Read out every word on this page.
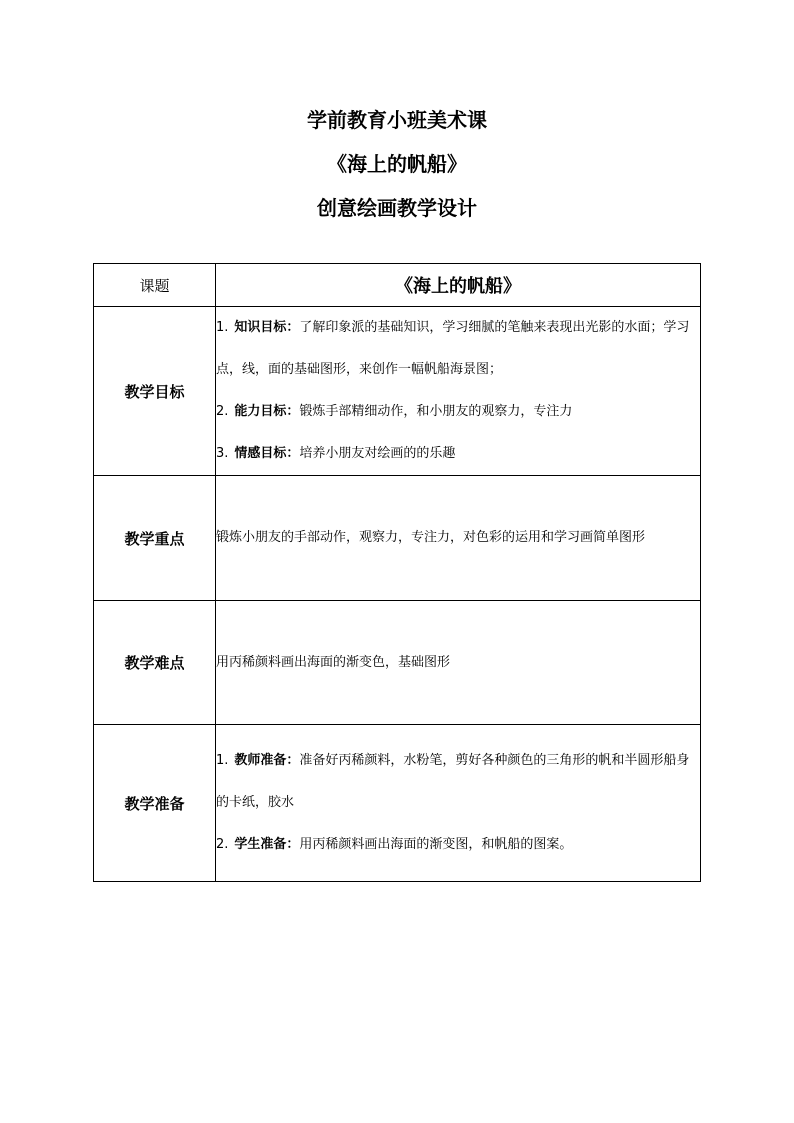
学前教育小班美术课
《海上的帆船》
创意绘画教学设计
课题	《海上的帆船》
教学目标	1. 知识目标：了解印象派的基础知识，学习细腻的笔触来表现出光影的水面；学习点，线，面的基础图形，来创作一幅帆船海景图；
2. 能力目标：锻炼手部精细动作，和小朋友的观察力，专注力
3. 情感目标：培养小朋友对绘画的的乐趣

教学重点	锻炼小朋友的手部动作，观察力，专注力，对色彩的运用和学习画简单图形

教学难点	用丙稀颜料画出海面的渐变色，基础图形

教学准备	1. 教师准备：准备好丙稀颜料，水粉笔，剪好各种颜色的三角形的帆和半圆形船身的卡纸，胶水
2. 学生准备：用丙稀颜料画出海面的渐变图，和帆船的图案。
